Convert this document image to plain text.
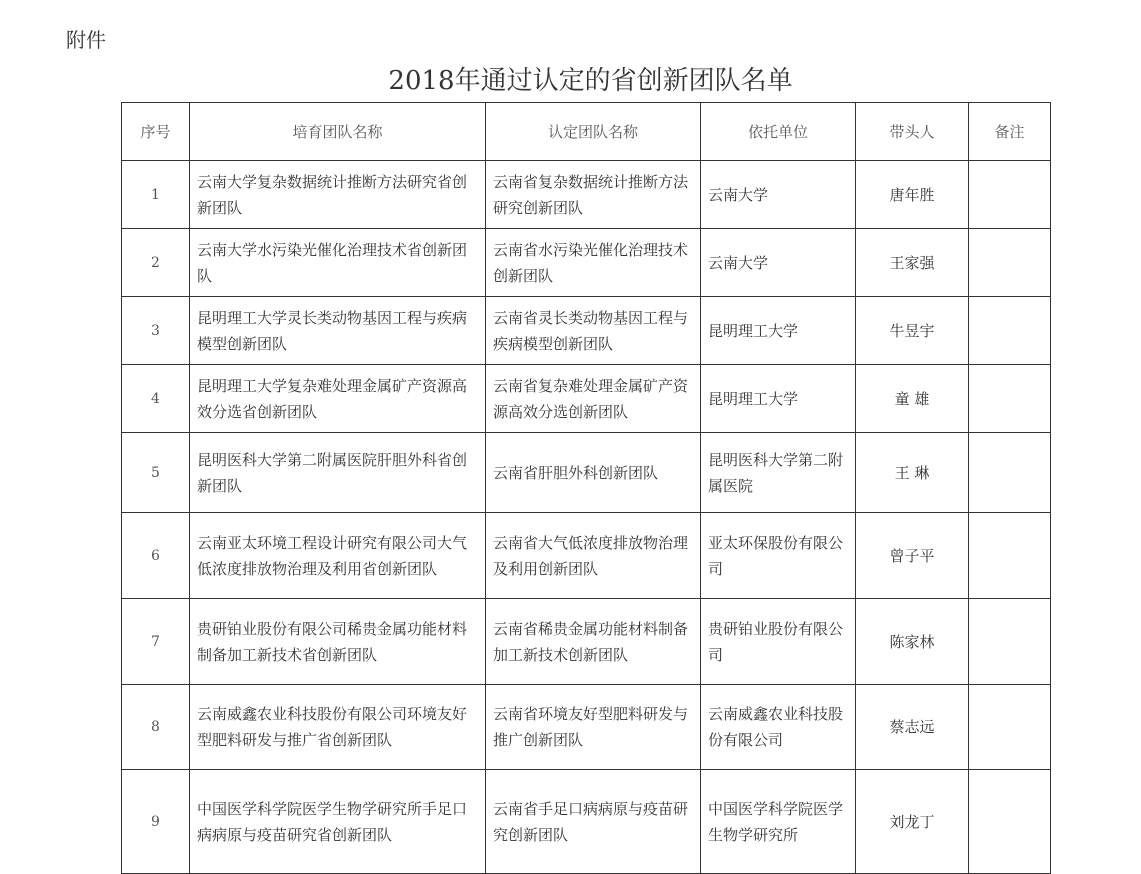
附件
2018年通过认定的省创新团队名单
序号	培育团队名称	认定团队名称	依托单位	带头人	备注
1	云南大学复杂数据统计推断方法研究省创新团队	云南省复杂数据统计推断方法研究创新团队	云南大学	唐年胜	
2	云南大学水污染光催化治理技术省创新团队	云南省水污染光催化治理技术创新团队	云南大学	王家强	
3	昆明理工大学灵长类动物基因工程与疾病模型创新团队	云南省灵长类动物基因工程与疾病模型创新团队	昆明理工大学	牛昱宇	
4	昆明理工大学复杂难处理金属矿产资源高效分选省创新团队	云南省复杂难处理金属矿产资源高效分选创新团队	昆明理工大学	童 雄	
5	昆明医科大学第二附属医院肝胆外科省创新团队	云南省肝胆外科创新团队	昆明医科大学第二附属医院	王 琳	
6	云南亚太环境工程设计研究有限公司大气低浓度排放物治理及利用省创新团队	云南省大气低浓度排放物治理及利用创新团队	亚太环保股份有限公司	曾子平	
7	贵研铂业股份有限公司稀贵金属功能材料制备加工新技术省创新团队	云南省稀贵金属功能材料制备加工新技术创新团队	贵研铂业股份有限公司	陈家林	
8	云南威鑫农业科技股份有限公司环境友好型肥料研发与推广省创新团队	云南省环境友好型肥料研发与推广创新团队	云南威鑫农业科技股份有限公司	蔡志远	
9	中国医学科学院医学生物学研究所手足口病病原与疫苗研究省创新团队	云南省手足口病病原与疫苗研究创新团队	中国医学科学院医学生物学研究所	刘龙丁	
